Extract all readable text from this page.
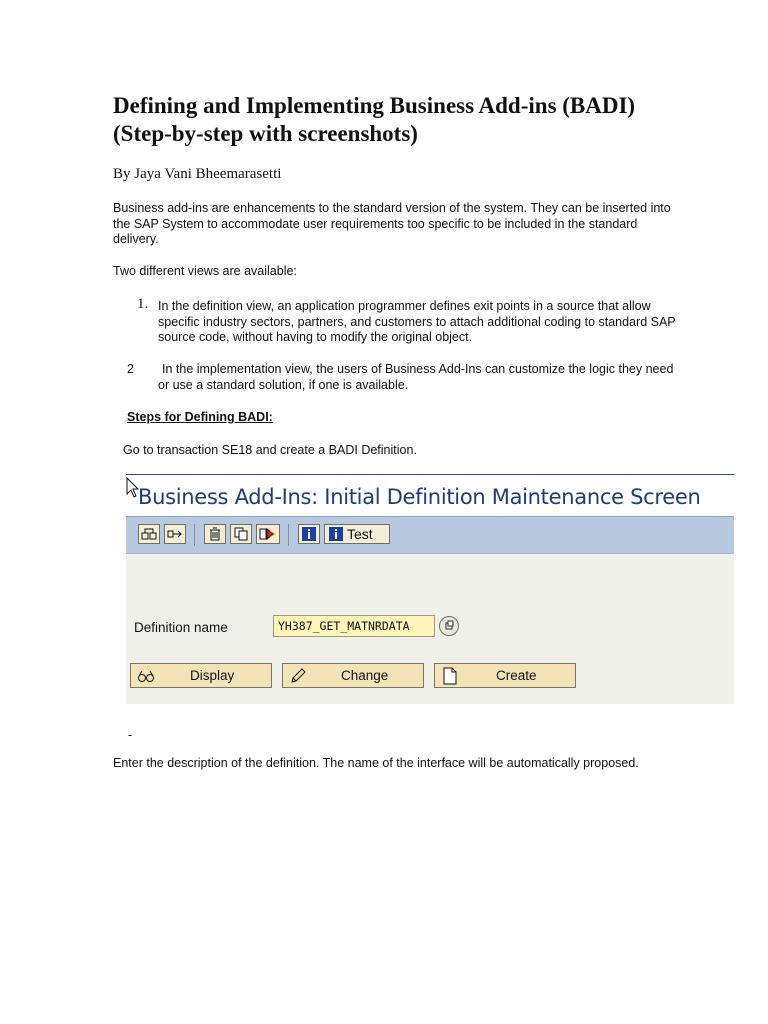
Defining and Implementing Business Add-ins (BADI)
(Step-by-step with screenshots)
By Jaya Vani Bheemarasetti
Business add-ins are enhancements to the standard version of the system. They can be inserted into the SAP System to accommodate user requirements too specific to be included in the standard delivery.
Two different views are available:
1. In the definition view, an application programmer defines exit points in a source that allow specific industry sectors, partners, and customers to attach additional coding to standard SAP source code, without having to modify the original object.
2	In the implementation view, the users of Business Add-Ins can customize the logic they need or use a standard solution, if one is available.
Steps for Defining BADI:
Go to transaction SE18 and create a BADI Definition.
Business Add-Ins: Initial Definition Maintenance Screen
Test
Definition name	YH387_GET_MATNRDATA
Display	Change	Create
-
Enter the description of the definition. The name of the interface will be automatically proposed.
